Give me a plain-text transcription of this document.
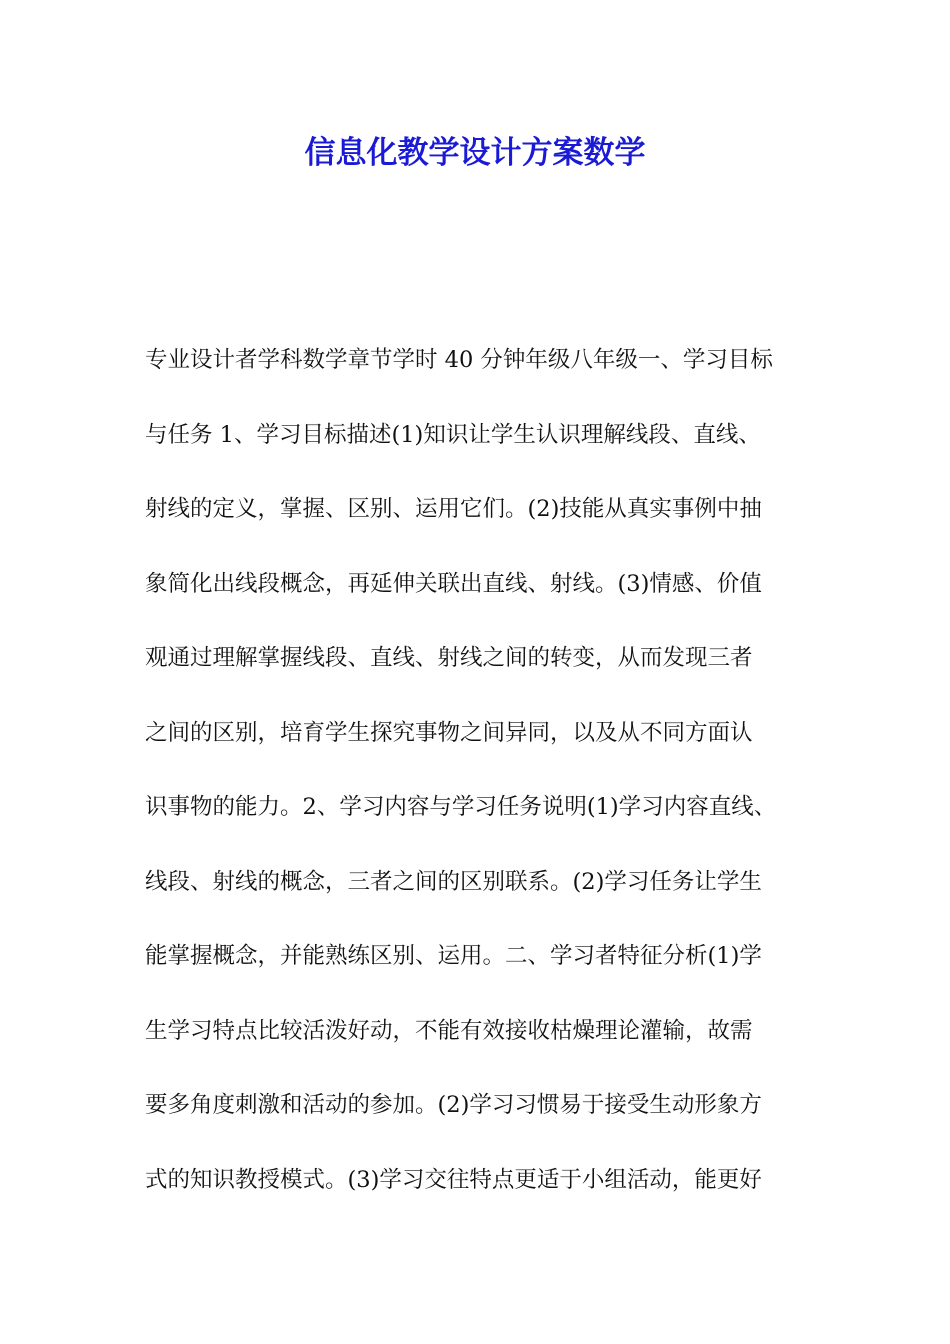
信息化教学设计方案数学
专业设计者学科数学章节学时 40 分钟年级八年级一、学习目标
与任务 1、学习目标描述(1)知识让学生认识理解线段、直线、
射线的定义，掌握、区别、运用它们。(2)技能从真实事例中抽
象简化出线段概念，再延伸关联出直线、射线。(3)情感、价值
观通过理解掌握线段、直线、射线之间的转变，从而发现三者
之间的区别，培育学生探究事物之间异同，以及从不同方面认
识事物的能力。2、学习内容与学习任务说明(1)学习内容直线、
线段、射线的概念，三者之间的区别联系。(2)学习任务让学生
能掌握概念，并能熟练区别、运用。二、学习者特征分析(1)学
生学习特点比较活泼好动，不能有效接收枯燥理论灌输，故需
要多角度刺激和活动的参加。(2)学习习惯易于接受生动形象方
式的知识教授模式。(3)学习交往特点更适于小组活动，能更好
